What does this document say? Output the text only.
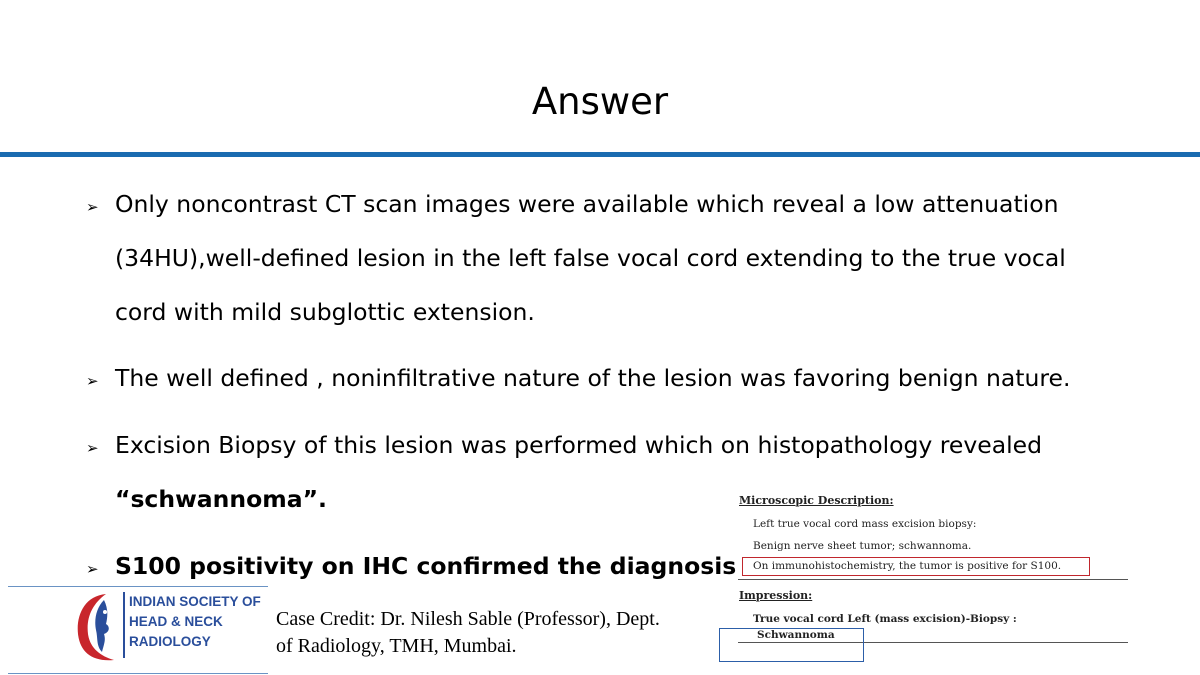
Answer
➢ Only noncontrast CT scan images were available which reveal a low attenuation
(34HU),well-defined lesion in the left false vocal cord extending to the true vocal
cord with mild subglottic extension.
➢ The well defined , noninfiltrative nature of the lesion was favoring benign nature.
➢ Excision Biopsy of this lesion was performed which on histopathology revealed
“schwannoma”.
➢ S100 positivity on IHC confirmed the diagnosis
Microscopic Description:
Left true vocal cord mass excision biopsy:
Benign nerve sheet tumor; schwannoma.
On immunohistochemistry, the tumor is positive for S100.
Impression:
True vocal cord Left (mass excision)-Biopsy :
Schwannoma
INDIAN SOCIETY OF
HEAD & NECK
RADIOLOGY
Case Credit: Dr. Nilesh Sable (Professor), Dept.
of Radiology, TMH, Mumbai.
